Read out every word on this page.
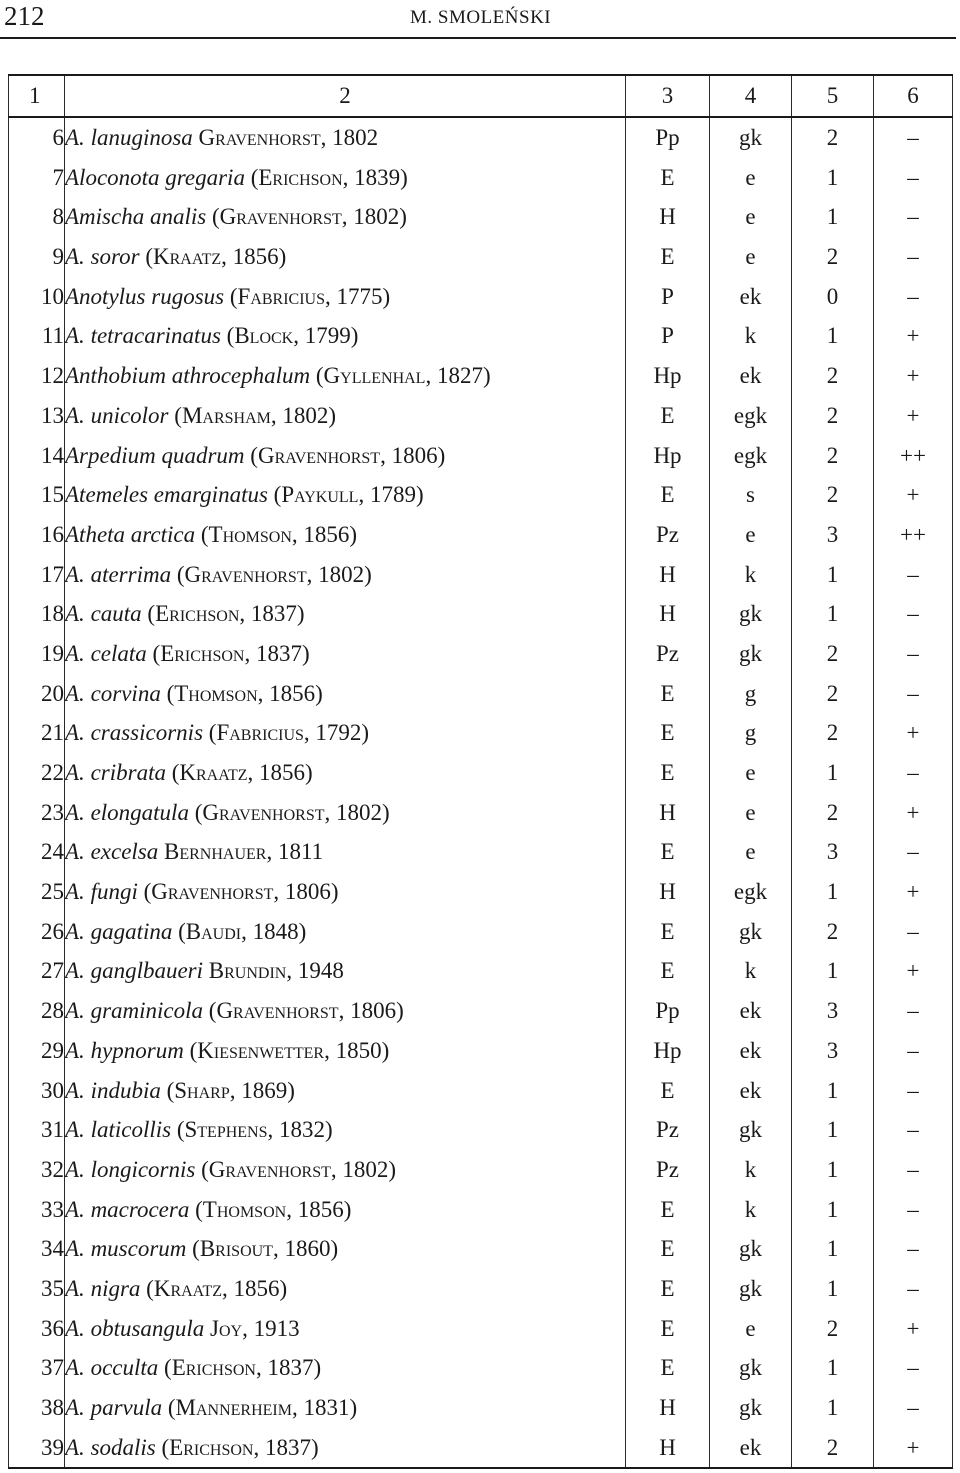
212	M. SMOLEŃSKI
1	2	3	4	5	6
6	A. lanuginosa Gravenhorst, 1802	Pp	gk	2	–
7	Aloconota gregaria (Erichson, 1839)	E	e	1	–
8	Amischa analis (Gravenhorst, 1802)	H	e	1	–
9	A. soror (Kraatz, 1856)	E	e	2	–
10	Anotylus rugosus (Fabricius, 1775)	P	ek	0	–
11	A. tetracarinatus (Block, 1799)	P	k	1	+
12	Anthobium athrocephalum (Gyllenhal, 1827)	Hp	ek	2	+
13	A. unicolor (Marsham, 1802)	E	egk	2	+
14	Arpedium quadrum (Gravenhorst, 1806)	Hp	egk	2	++
15	Atemeles emarginatus (Paykull, 1789)	E	s	2	+
16	Atheta arctica (Thomson, 1856)	Pz	e	3	++
17	A. aterrima (Gravenhorst, 1802)	H	k	1	–
18	A. cauta (Erichson, 1837)	H	gk	1	–
19	A. celata (Erichson, 1837)	Pz	gk	2	–
20	A. corvina (Thomson, 1856)	E	g	2	–
21	A. crassicornis (Fabricius, 1792)	E	g	2	+
22	A. cribrata (Kraatz, 1856)	E	e	1	–
23	A. elongatula (Gravenhorst, 1802)	H	e	2	+
24	A. excelsa Bernhauer, 1811	E	e	3	–
25	A. fungi (Gravenhorst, 1806)	H	egk	1	+
26	A. gagatina (Baudi, 1848)	E	gk	2	–
27	A. ganglbaueri Brundin, 1948	E	k	1	+
28	A. graminicola (Gravenhorst, 1806)	Pp	ek	3	–
29	A. hypnorum (Kiesenwetter, 1850)	Hp	ek	3	–
30	A. indubia (Sharp, 1869)	E	ek	1	–
31	A. laticollis (Stephens, 1832)	Pz	gk	1	–
32	A. longicornis (Gravenhorst, 1802)	Pz	k	1	–
33	A. macrocera (Thomson, 1856)	E	k	1	–
34	A. muscorum (Brisout, 1860)	E	gk	1	–
35	A. nigra (Kraatz, 1856)	E	gk	1	–
36	A. obtusangula Joy, 1913	E	e	2	+
37	A. occulta (Erichson, 1837)	E	gk	1	–
38	A. parvula (Mannerheim, 1831)	H	gk	1	–
39	A. sodalis (Erichson, 1837)	H	ek	2	+
